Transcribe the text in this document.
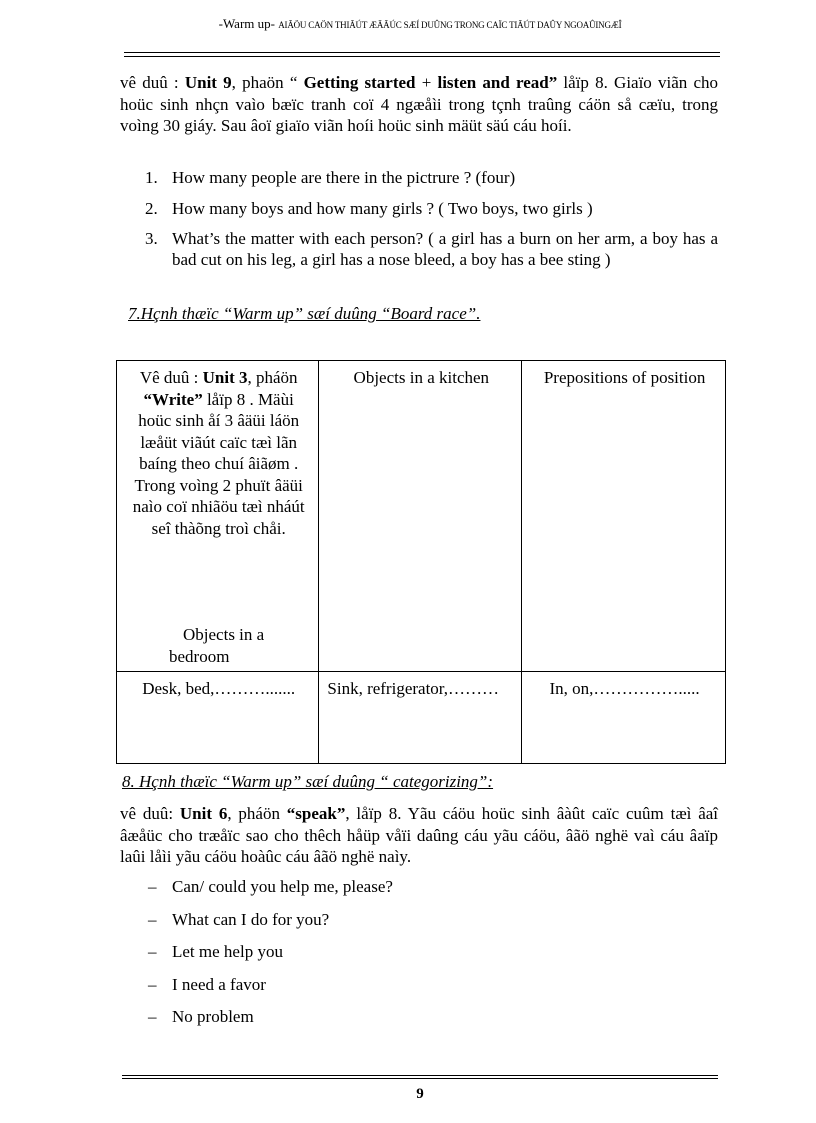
-Warm up- AIÃÖU CAÖN THIÃÚT ÆÃÃÚC SÆÍ DUÛNG TRONG CAÏC TIÃÚT DAÛY NGOAÛINGÆÎ
vê duû : Unit 9, phaön “ Getting started + listen and read” låïp 8. Giaïo viãn cho hoüc sinh nhçn vaìo bæïc tranh coï 4 ngæåìi trong tçnh traûng cáön så cæïu, trong voìng 30 giáy. Sau âoï giaïo viãn hoíi hoüc sinh mäüt säú cáu hoíi.
1. How many people are there in the pictrure ? (four)
2. How many boys and how many girls ? ( Two boys, two girls )
3. What’s the matter with each person? ( a girl has a burn on her arm, a boy has a bad cut on his leg, a girl has a nose bleed, a boy has a bee sting )
7.Hçnh thæïc “Warm up” sæí duûng “Board race”.
Vê duû : Unit 3, pháön “Write” låïp 8 . Mäùi hoüc sinh åí 3 âäüi láön læåüt viãút caïc tæì lãn baíng theo chuí âiãøm . Trong voìng 2 phuït âäüi naìo coï nhiãöu tæì nháút seî thàõng troì chåi.
Objects in a
bedroom	Objects in a kitchen	Prepositions of position

Desk, bed,……….......	Sink, refrigerator,………	In, on,…………….....
8. Hçnh thæïc “Warm up” sæí duûng “ categorizing”:
vê duû: Unit 6, pháön “speak”, låïp 8. Yãu cáöu hoüc sinh âàût caïc cuûm tæì âaî âæåüc cho træåïc sao cho thêch håüp våïi daûng cáu yãu cáöu, âãö nghë vaì cáu âaïp laûi låìi yãu cáöu hoàûc cáu âãö nghë naìy.
– Can/ could you help me, please?
– What can I do for you?
– Let me help you
– I need a favor
– No problem
9
